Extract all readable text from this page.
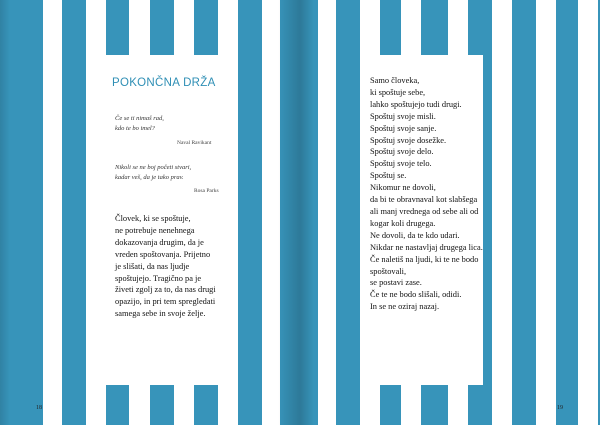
POKONČNA DRŽA
Če se ti nimaš rad,
kdo te bo imel?
Naval Ravikant
Nikoli se ne boj početi stvari,
kadar veš, da je tako prav.
Rosa Parks
Človek, ki se spoštuje,
ne potrebuje nenehnega
dokazovanja drugim, da je
vreden spoštovanja. Prijetno
je slišati, da nas ljudje
spoštujejo. Tragično pa je
živeti zgolj za to, da nas drugi
opazijo, in pri tem spregledati
samega sebe in svoje želje.
Samo človeka,
ki spoštuje sebe,
lahko spoštujejo tudi drugi.
Spoštuj svoje misli.
Spoštuj svoje sanje.
Spoštuj svoje dosežke.
Spoštuj svoje delo.
Spoštuj svoje telo.
Spoštuj se.
Nikomur ne dovoli,
da bi te obravnaval kot slabšega
ali manj vrednega od sebe ali od
kogar koli drugega.
Ne dovoli, da te kdo udari.
Nikdar ne nastavljaj drugega lica.
Če naletiš na ljudi, ki te ne bodo
spoštovali,
se postavi zase.
Če te ne bodo slišali, odidi.
In se ne oziraj nazaj.
18	19
